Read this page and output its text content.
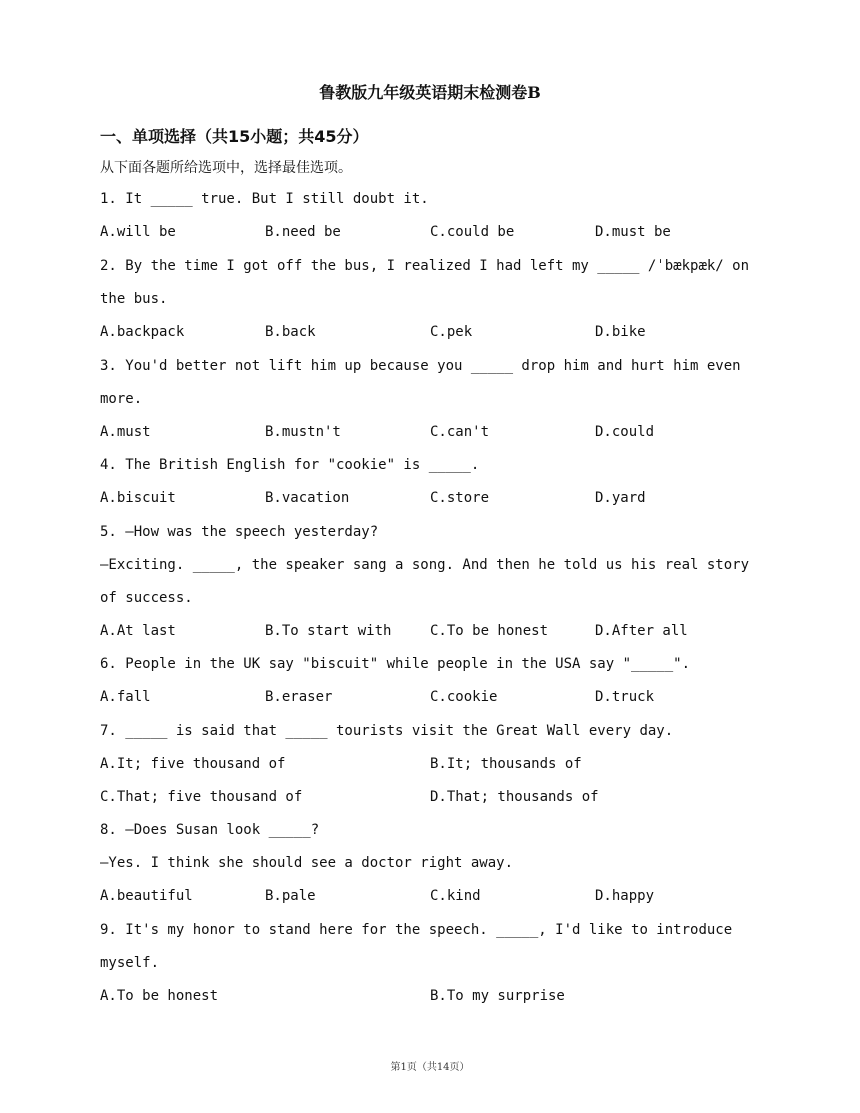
鲁教版九年级英语期末检测卷B
一、单项选择（共15小题；共45分）
从下面各题所给选项中，选择最佳选项。
1. It _____ true. But I still doubt it.
A.will be	B.need be	C.could be	D.must be
2. By the time I got off the bus, I realized I had left my _____ /ˈbækpæk/ on
the bus.
A.backpack	B.back	C.pek	D.bike
3. You'd better not lift him up because you _____ drop him and hurt him even
more.
A.must	B.mustn't	C.can't	D.could
4. The British English for "cookie" is _____.
A.biscuit	B.vacation	C.store	D.yard
5. —How was the speech yesterday?
—Exciting. _____, the speaker sang a song. And then he told us his real story
of success.
A.At last	B.To start with	C.To be honest	D.After all
6. People in the UK say "biscuit" while people in the USA say "_____".
A.fall	B.eraser	C.cookie	D.truck
7. _____ is said that _____ tourists visit the Great Wall every day.
A.It; five thousand of	B.It; thousands of
C.That; five thousand of	D.That; thousands of
8. —Does Susan look _____?
—Yes. I think she should see a doctor right away.
A.beautiful	B.pale	C.kind	D.happy
9. It's my honor to stand here for the speech. _____, I'd like to introduce
myself.
A.To be honest	B.To my surprise
第1页（共14页）
